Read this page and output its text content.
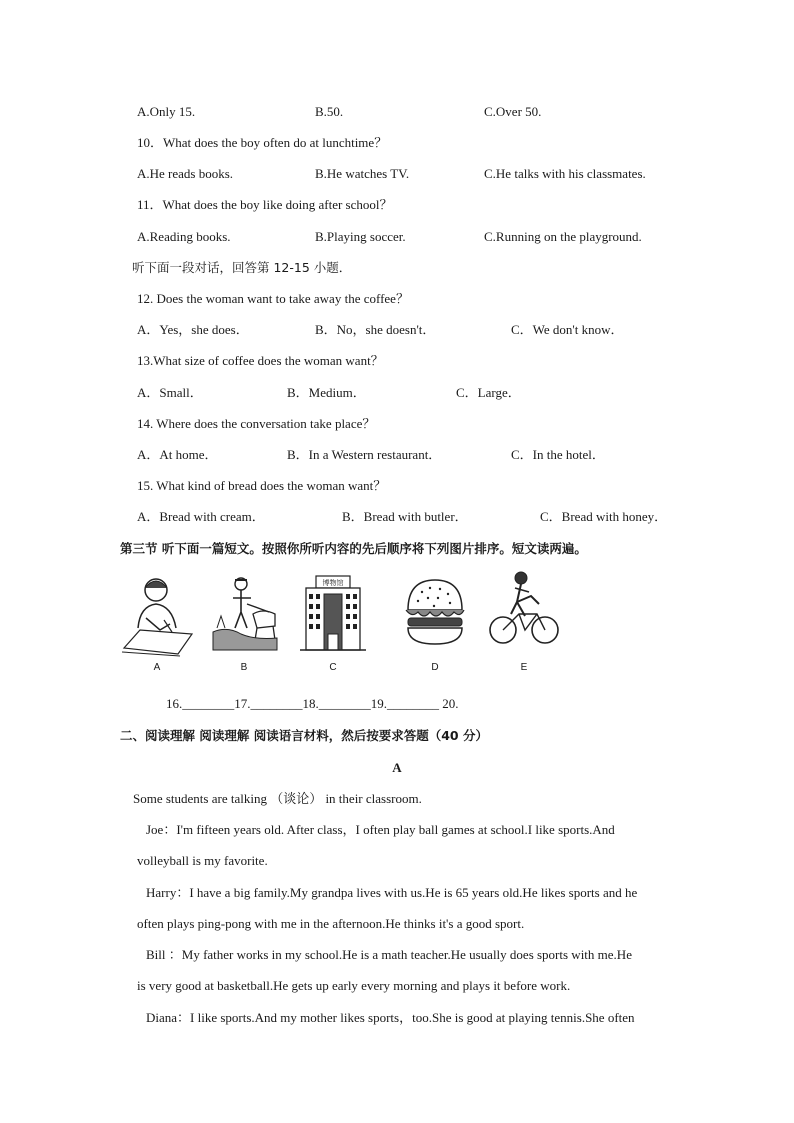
A.Only 15.	B.50.	C.Over 50.
10．What does the boy often do at lunchtime？
A.He reads books.	B.He watches TV.	C.He talks with his classmates.
11．What does the boy like doing after school？
A.Reading books.	B.Playing soccer.	C.Running on the playground.
听下面一段对话，回答第 12-15 小题．
12. Does the woman want to take away the coffee？
A．Yes，she does．	B．No，she doesn't．	C．We don't know．
13.What size of coffee does the woman want？
A．Small．	B．Medium．	C．Large．
14. Where does the conversation take place？
A．At home．	B．In a Western restaurant．	C．In the hotel．
15. What kind of bread does the woman want？
A．Bread with cream．	B．Bread with butler．	C．Bread with honey．
第三节 听下面一篇短文。按照你所听内容的先后顺序将下列图片排序。短文读两遍。
A	B
博物馆
C	D	E
16.________17.________18.________19.________ 20.
二、阅读理解 阅读理解 阅读语言材料，然后按要求答题（40 分）
A
Some students are talking （谈论） in their classroom.
Joe：I'm fifteen years old. After class，I often play ball games at school.I like sports.And
volleyball is my favorite.
Harry：I have a big family.My grandpa lives with us.He is 65 years old.He likes sports and he
often plays ping-pong with me in the afternoon.He thinks it's a good sport.
Bill ：My father works in my school.He is a math teacher.He usually does sports with me.He
is very good at basketball.He gets up early every morning and plays it before work.
Diana：I like sports.And my mother likes sports，too.She is good at playing tennis.She often
